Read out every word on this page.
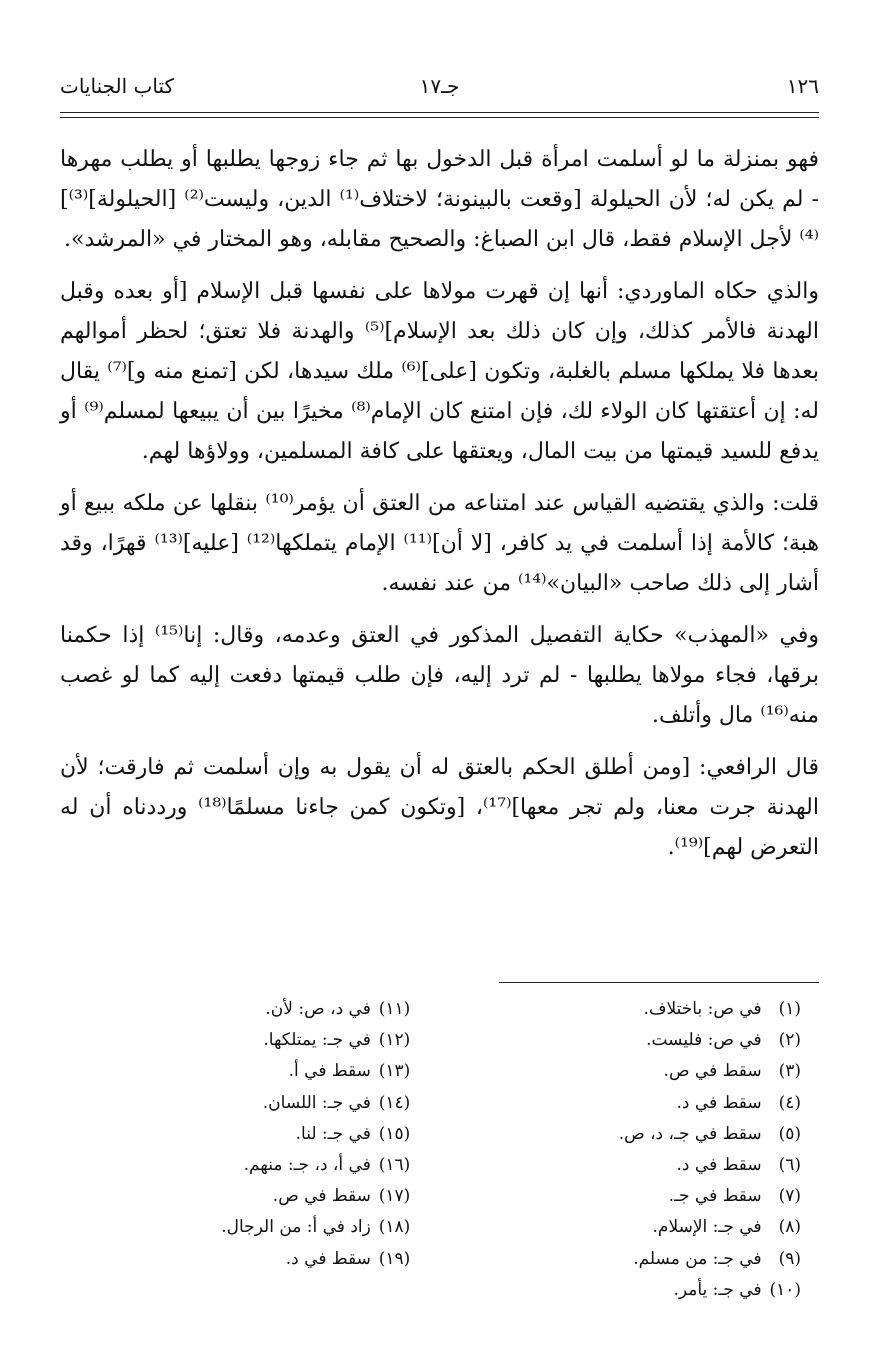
١٢٦
جـ١٧
كتاب الجنايات

فهو بمنزلة ما لو أسلمت امرأة قبل الدخول بها ثم جاء زوجها يطلبها أو يطلب مهرها - لم يكن له؛ لأن الحيلولة [وقعت بالبينونة؛ لاختلاف⁽¹⁾ الدين، وليست⁽²⁾ [الحيلولة]⁽³⁾]⁽⁴⁾ لأجل الإسلام فقط، قال ابن الصباغ: والصحيح مقابله، وهو المختار في «المرشد».

والذي حكاه الماوردي: أنها إن قهرت مولاها على نفسها قبل الإسلام [أو بعده وقبل الهدنة فالأمر كذلك، وإن كان ذلك بعد الإسلام]⁽⁵⁾ والهدنة فلا تعتق؛ لحظر أموالهم بعدها فلا يملكها مسلم بالغلبة، وتكون [على]⁽⁶⁾ ملك سيدها، لكن [تمنع منه و]⁽⁷⁾ يقال له: إن أعتقتها كان الولاء لك، فإن امتنع كان الإمام⁽⁸⁾ مخيرًا بين أن يبيعها لمسلم⁽⁹⁾ أو يدفع للسيد قيمتها من بيت المال، ويعتقها على كافة المسلمين، وولاؤها لهم.

قلت: والذي يقتضيه القياس عند امتناعه من العتق أن يؤمر⁽¹⁰⁾ بنقلها عن ملكه ببيع أو هبة؛ كالأمة إذا أسلمت في يد كافر، [لا أن]⁽¹¹⁾ الإمام يتملكها⁽¹²⁾ [عليه]⁽¹³⁾ قهرًا، وقد أشار إلى ذلك صاحب «البيان»⁽¹⁴⁾ من عند نفسه.

وفي «المهذب» حكاية التفصيل المذكور في العتق وعدمه، وقال: إنا⁽¹⁵⁾ إذا حكمنا برقها، فجاء مولاها يطلبها - لم ترد إليه، فإن طلب قيمتها دفعت إليه كما لو غصب منه⁽¹⁶⁾ مال وأتلف.

قال الرافعي: [ومن أطلق الحكم بالعتق له أن يقول به وإن أسلمت ثم فارقت؛ لأن الهدنة جرت معنا، ولم تجر معها]⁽¹⁷⁾، [وتكون كمن جاءنا مسلمًا⁽¹⁸⁾ ورددناه أن له التعرض لهم]⁽¹⁹⁾.

(١) في ص: باختلاف.
(٢) في ص: فليست.
(٣) سقط في ص.
(٤) سقط في د.
(٥) سقط في جـ، د، ص.
(٦) سقط في د.
(٧) سقط في جـ.
(٨) في جـ: الإسلام.
(٩) في جـ: من مسلم.
(١٠) في جـ: يأمر.
(١١) في د، ص: لأن.
(١٢) في جـ: يمتلكها.
(١٣) سقط في أ.
(١٤) في جـ: اللسان.
(١٥) في جـ: لنا.
(١٦) في أ، د، جـ: منهم.
(١٧) سقط في ص.
(١٨) زاد في أ: من الرجال.
(١٩) سقط في د.
